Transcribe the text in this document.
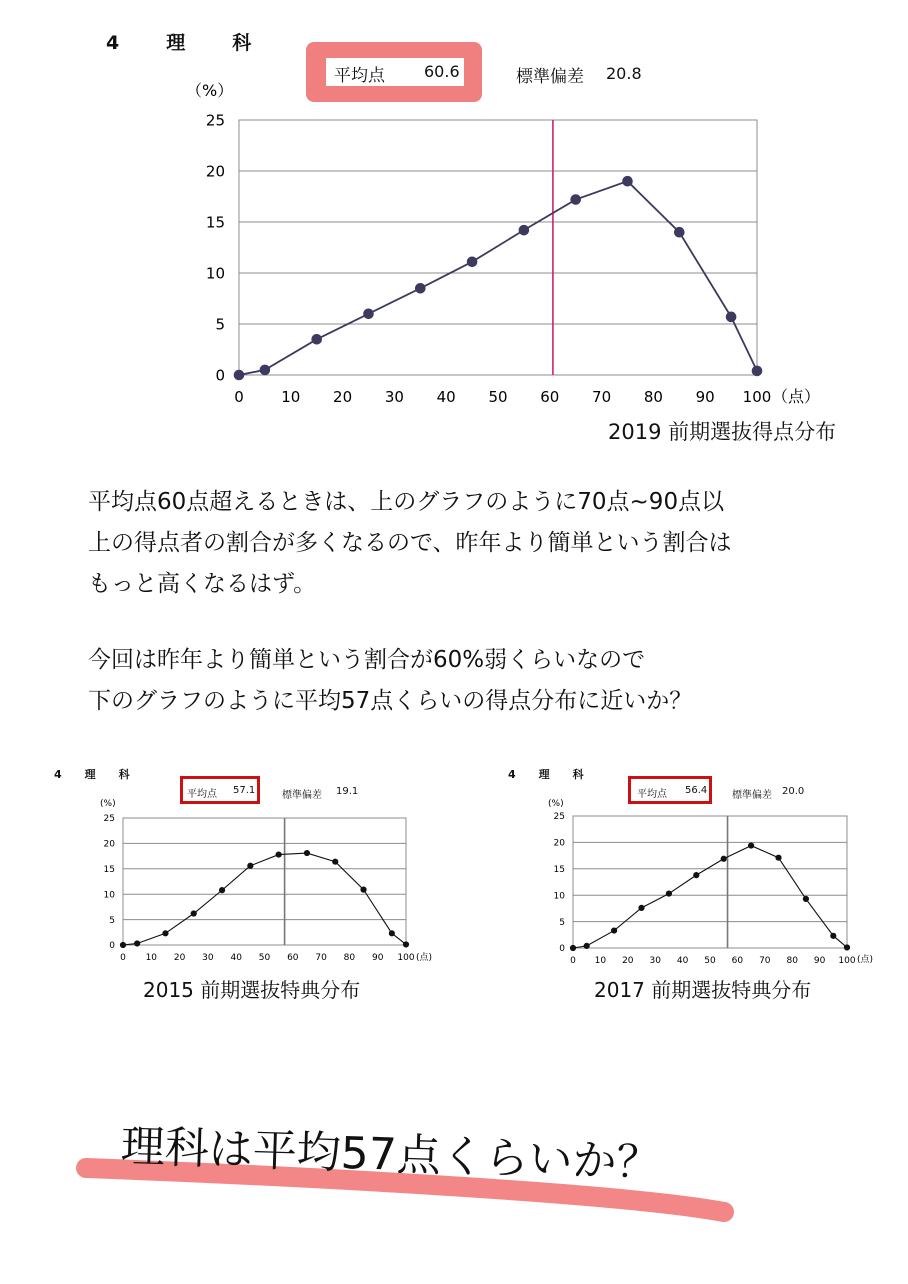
4　理　科
平均点 60.6	標準偏差 20.8
（%）
（点）
0
5
10
15
20
25
0 10 20 30 40 50 60 70 80 90 100
2019 前期選抜得点分布

平均点60点超えるときは、上のグラフのように70点~90点以

上の得点者の割合が多くなるので、昨年より簡単という割合は

もっと高くなるはず。

今回は昨年より簡単という割合が60%弱くらいなので

下のグラフのように平均57点くらいの得点分布に近いか？

4　理　科
平均点 57.1	標準偏差 19.1
(%)
(点)
0
5
10
15
20
25
0 10 20 30 40 50 60 70 80 90 100
2015 前期選抜特典分布
4　理　科
平均点 56.4 標準偏差 20.0
(%)
(点)
0
5
10
15
20
25
0 10 20 30 40 50 60 70 80 90 100
2017 前期選抜特典分布
理科は平均57点くらいか？
